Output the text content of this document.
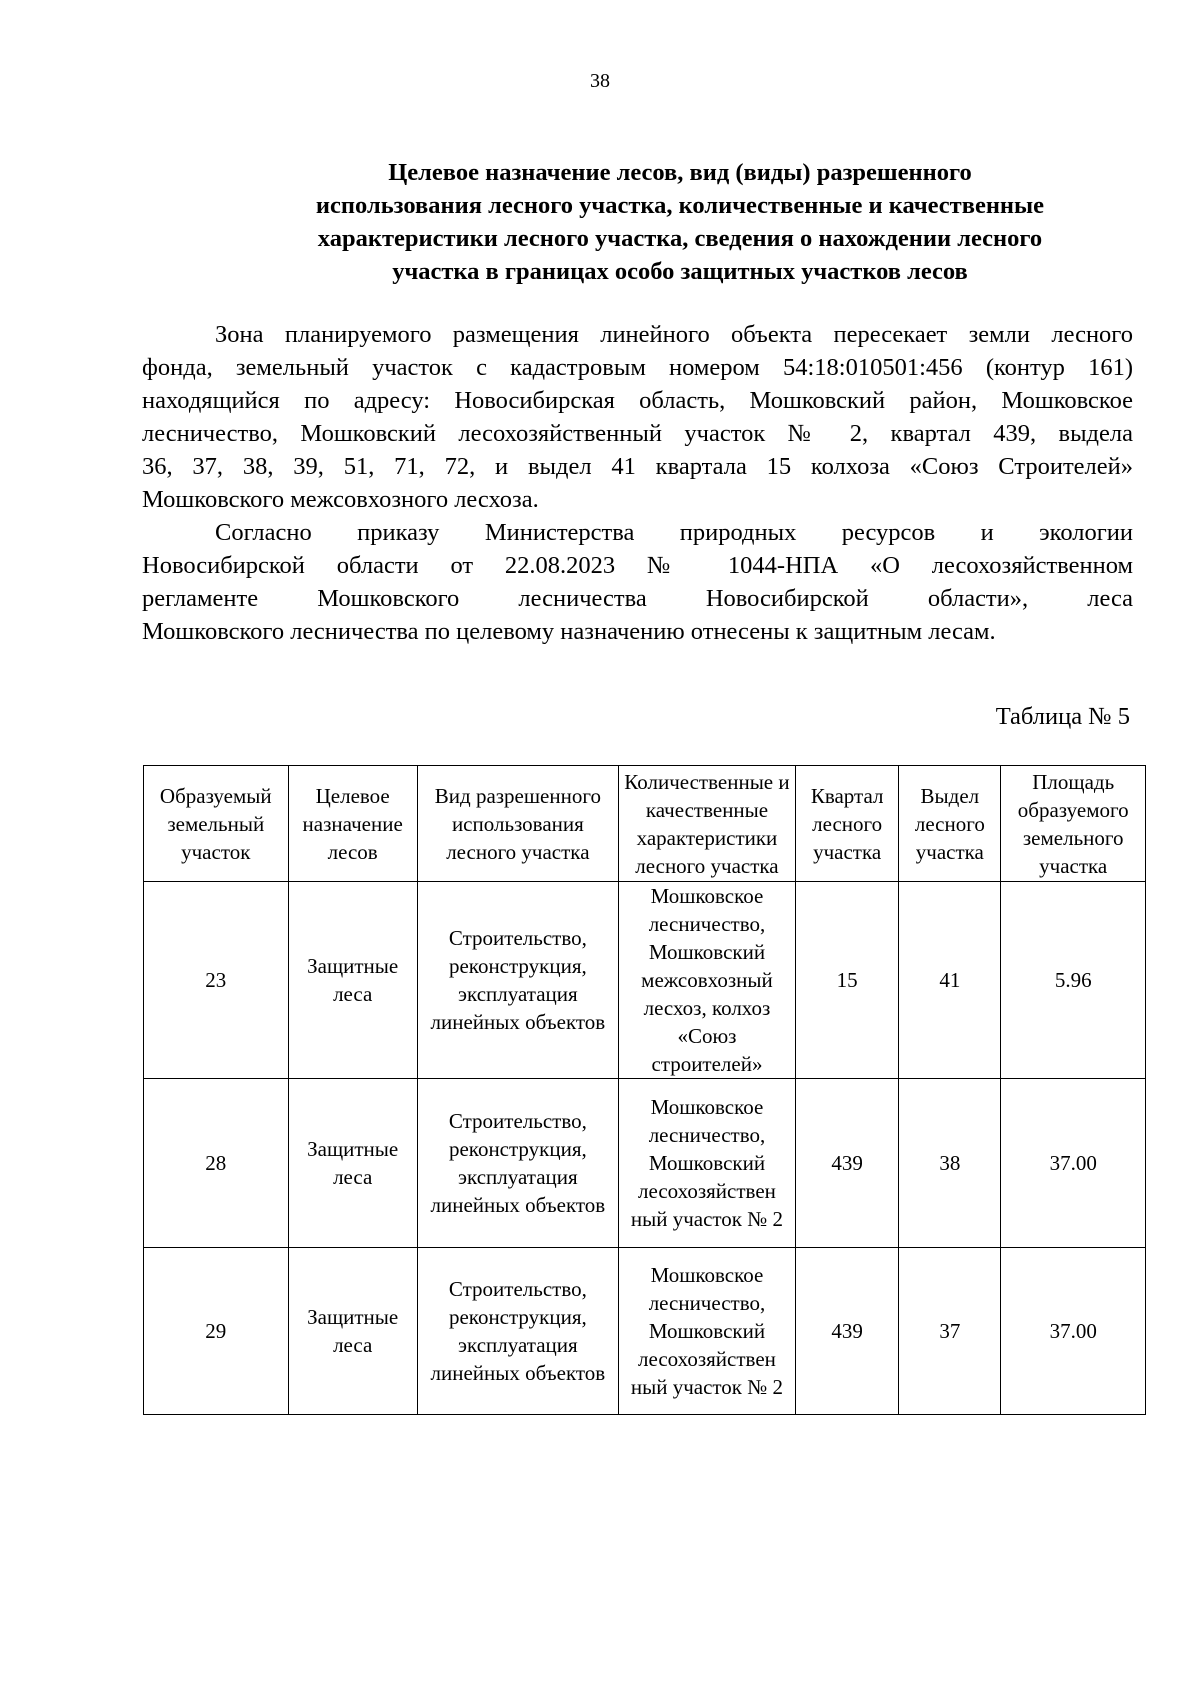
38
Целевое назначение лесов, вид (виды) разрешенного
использования лесного участка, количественные и качественные
характеристики лесного участка, сведения о нахождении лесного
участка в границах особо защитных участков лесов
Зона планируемого размещения линейного объекта пересекает земли лесного
фонда, земельный участок с кадастровым номером 54:18:010501:456 (контур 161)
находящийся по адресу: Новосибирская область, Мошковский район, Мошковское
лесничество, Мошковский лесохозяйственный участок № 2, квартал 439, выдела
36, 37, 38, 39, 51, 71, 72, и выдел 41 квартала 15 колхоза «Союз Строителей»
Мошковского межсовхозного лесхоза.
Согласно приказу Министерства природных ресурсов и экологии
Новосибирской области от 22.08.2023 № 1044-НПА «О лесохозяйственном
регламенте Мошковского лесничества Новосибирской области», леса
Мошковского лесничества по целевому назначению отнесены к защитным лесам.
Таблица № 5
Образуемый земельный участок	Целевое назначение лесов	Вид разрешенного использования лесного участка	Количественные и качественные характеристики лесного участка	Квартал лесного участка	Выдел лесного участка	Площадь образуемого земельного участка
23	Защитные леса	Строительство, реконструкция, эксплуатация линейных объектов	Мошковское лесничество, Мошковский межсовхозный лесхоз, колхоз «Союз строителей»	15	41	5.96
28	Защитные леса	Строительство, реконструкция, эксплуатация линейных объектов	Мошковское лесничество, Мошковский лесохозяйствен ный участок № 2	439	38	37.00
29	Защитные леса	Строительство, реконструкция, эксплуатация линейных объектов	Мошковское лесничество, Мошковский лесохозяйствен ный участок № 2	439	37	37.00
